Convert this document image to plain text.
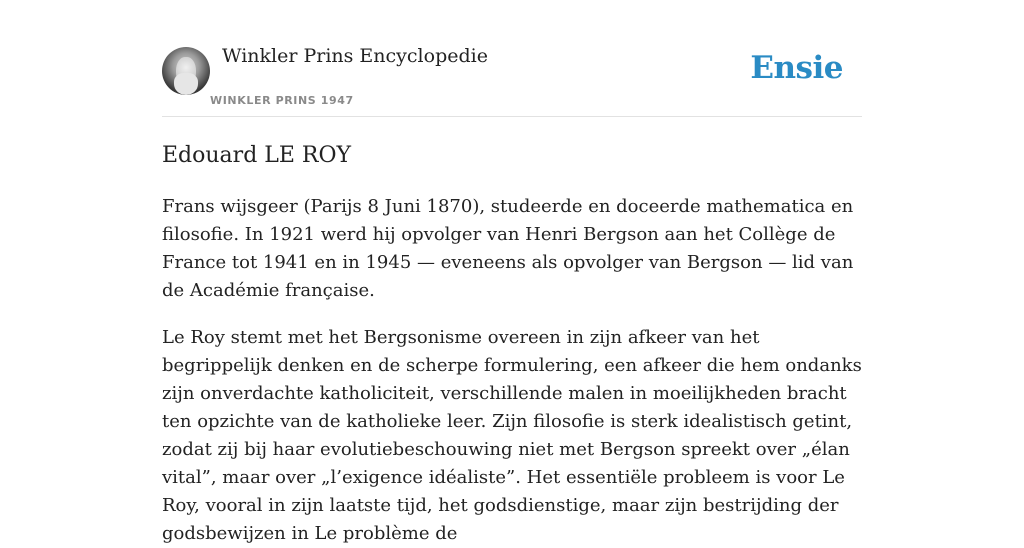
Winkler Prins Encyclopedie
WINKLER PRINS 1947
Ensie
Edouard LE ROY

Frans wijsgeer (Parijs 8 Juni 1870), studeerde en doceerde mathematica en filosofie. In 1921 werd hij opvolger van Henri Bergson aan het Collège de France tot 1941 en in 1945 — eveneens als opvolger van Bergson — lid van de Académie française.

Le Roy stemt met het Bergsonisme overeen in zijn afkeer van het begrippelijk denken en de scherpe formulering, een afkeer die hem ondanks zijn onverdachte katholiciteit, verschillende malen in moeilijkheden bracht ten opzichte van de katholieke leer. Zijn filosofie is sterk idealistisch getint, zodat zij bij haar evolutiebeschouwing niet met Bergson spreekt over „élan vital”, maar over „l’exigence idéaliste”. Het essentiële probleem is voor Le Roy, vooral in zijn laatste tijd, het godsdienstige, maar zijn bestrijding der godsbewijzen in Le problème de
